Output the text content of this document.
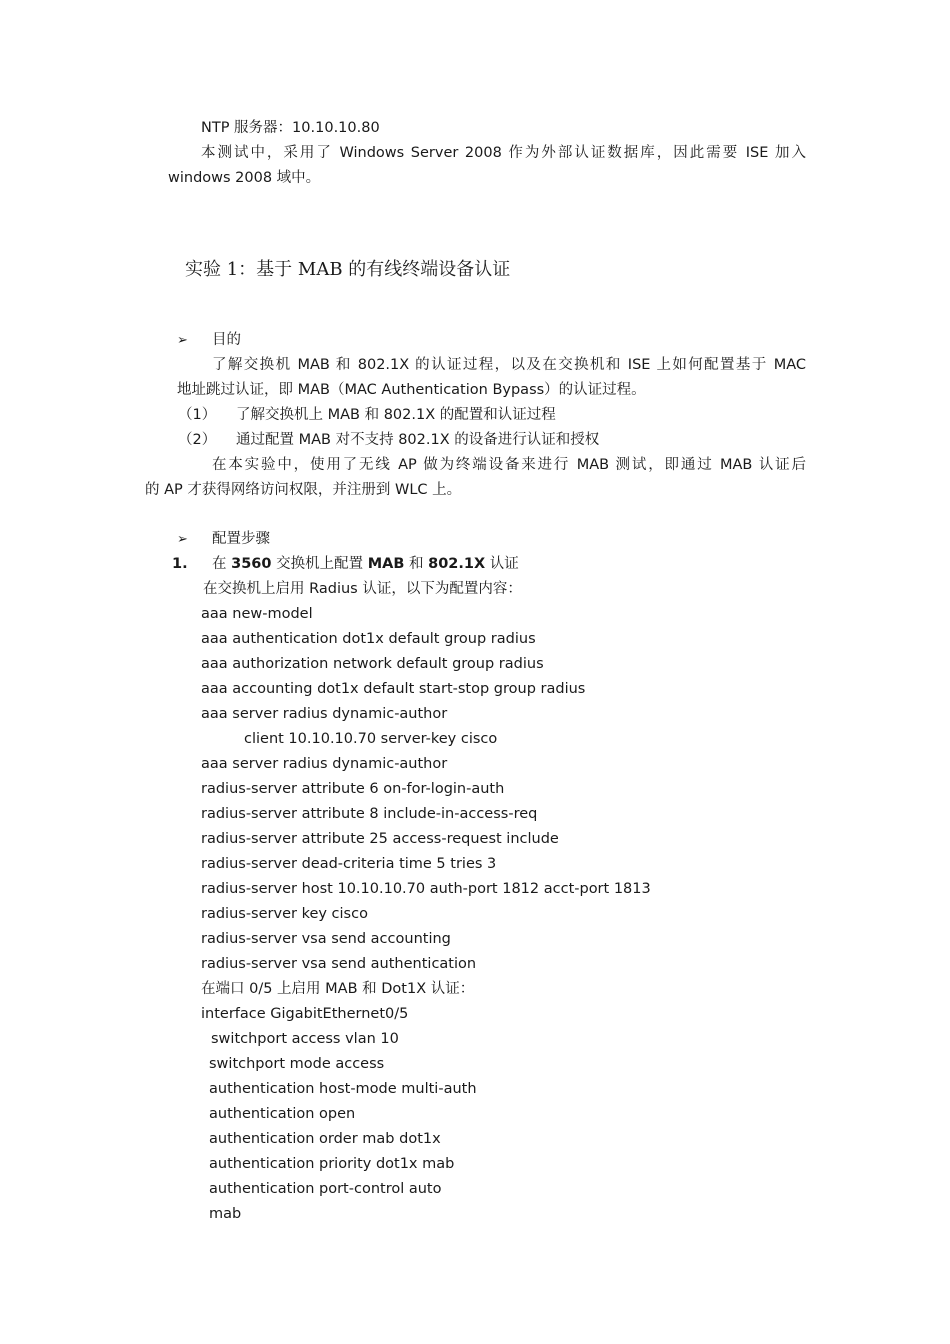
NTP 服务器：10.10.10.80
本测试中，采用了 Windows Server 2008 作为外部认证数据库，因此需要 ISE 加入
windows 2008 域中。
实验 1：基于 MAB 的有线终端设备认证
➢ 目的
了解交换机 MAB 和 802.1X 的认证过程，以及在交换机和 ISE 上如何配置基于 MAC
地址跳过认证，即 MAB（MAC Authentication Bypass）的认证过程。
（1） 了解交换机上 MAB 和 802.1X 的配置和认证过程
（2） 通过配置 MAB 对不支持 802.1X 的设备进行认证和授权
在本实验中，使用了无线 AP 做为终端设备来进行 MAB 测试，即通过 MAB 认证后
的 AP 才获得网络访问权限，并注册到 WLC 上。
➢ 配置步骤
1. 在 3560 交换机上配置 MAB 和 802.1X 认证
在交换机上启用 Radius 认证，以下为配置内容：
aaa new-model
aaa authentication dot1x default group radius
aaa authorization network default group radius
aaa accounting dot1x default start-stop group radius
aaa server radius dynamic-author
client 10.10.10.70 server-key cisco
aaa server radius dynamic-author
radius-server attribute 6 on-for-login-auth
radius-server attribute 8 include-in-access-req
radius-server attribute 25 access-request include
radius-server dead-criteria time 5 tries 3
radius-server host 10.10.10.70 auth-port 1812 acct-port 1813
radius-server key cisco
radius-server vsa send accounting
radius-server vsa send authentication
在端口 0/5 上启用 MAB 和 Dot1X 认证：
interface GigabitEthernet0/5
switchport access vlan 10
switchport mode access
authentication host-mode multi-auth
authentication open
authentication order mab dot1x
authentication priority dot1x mab
authentication port-control auto
mab
